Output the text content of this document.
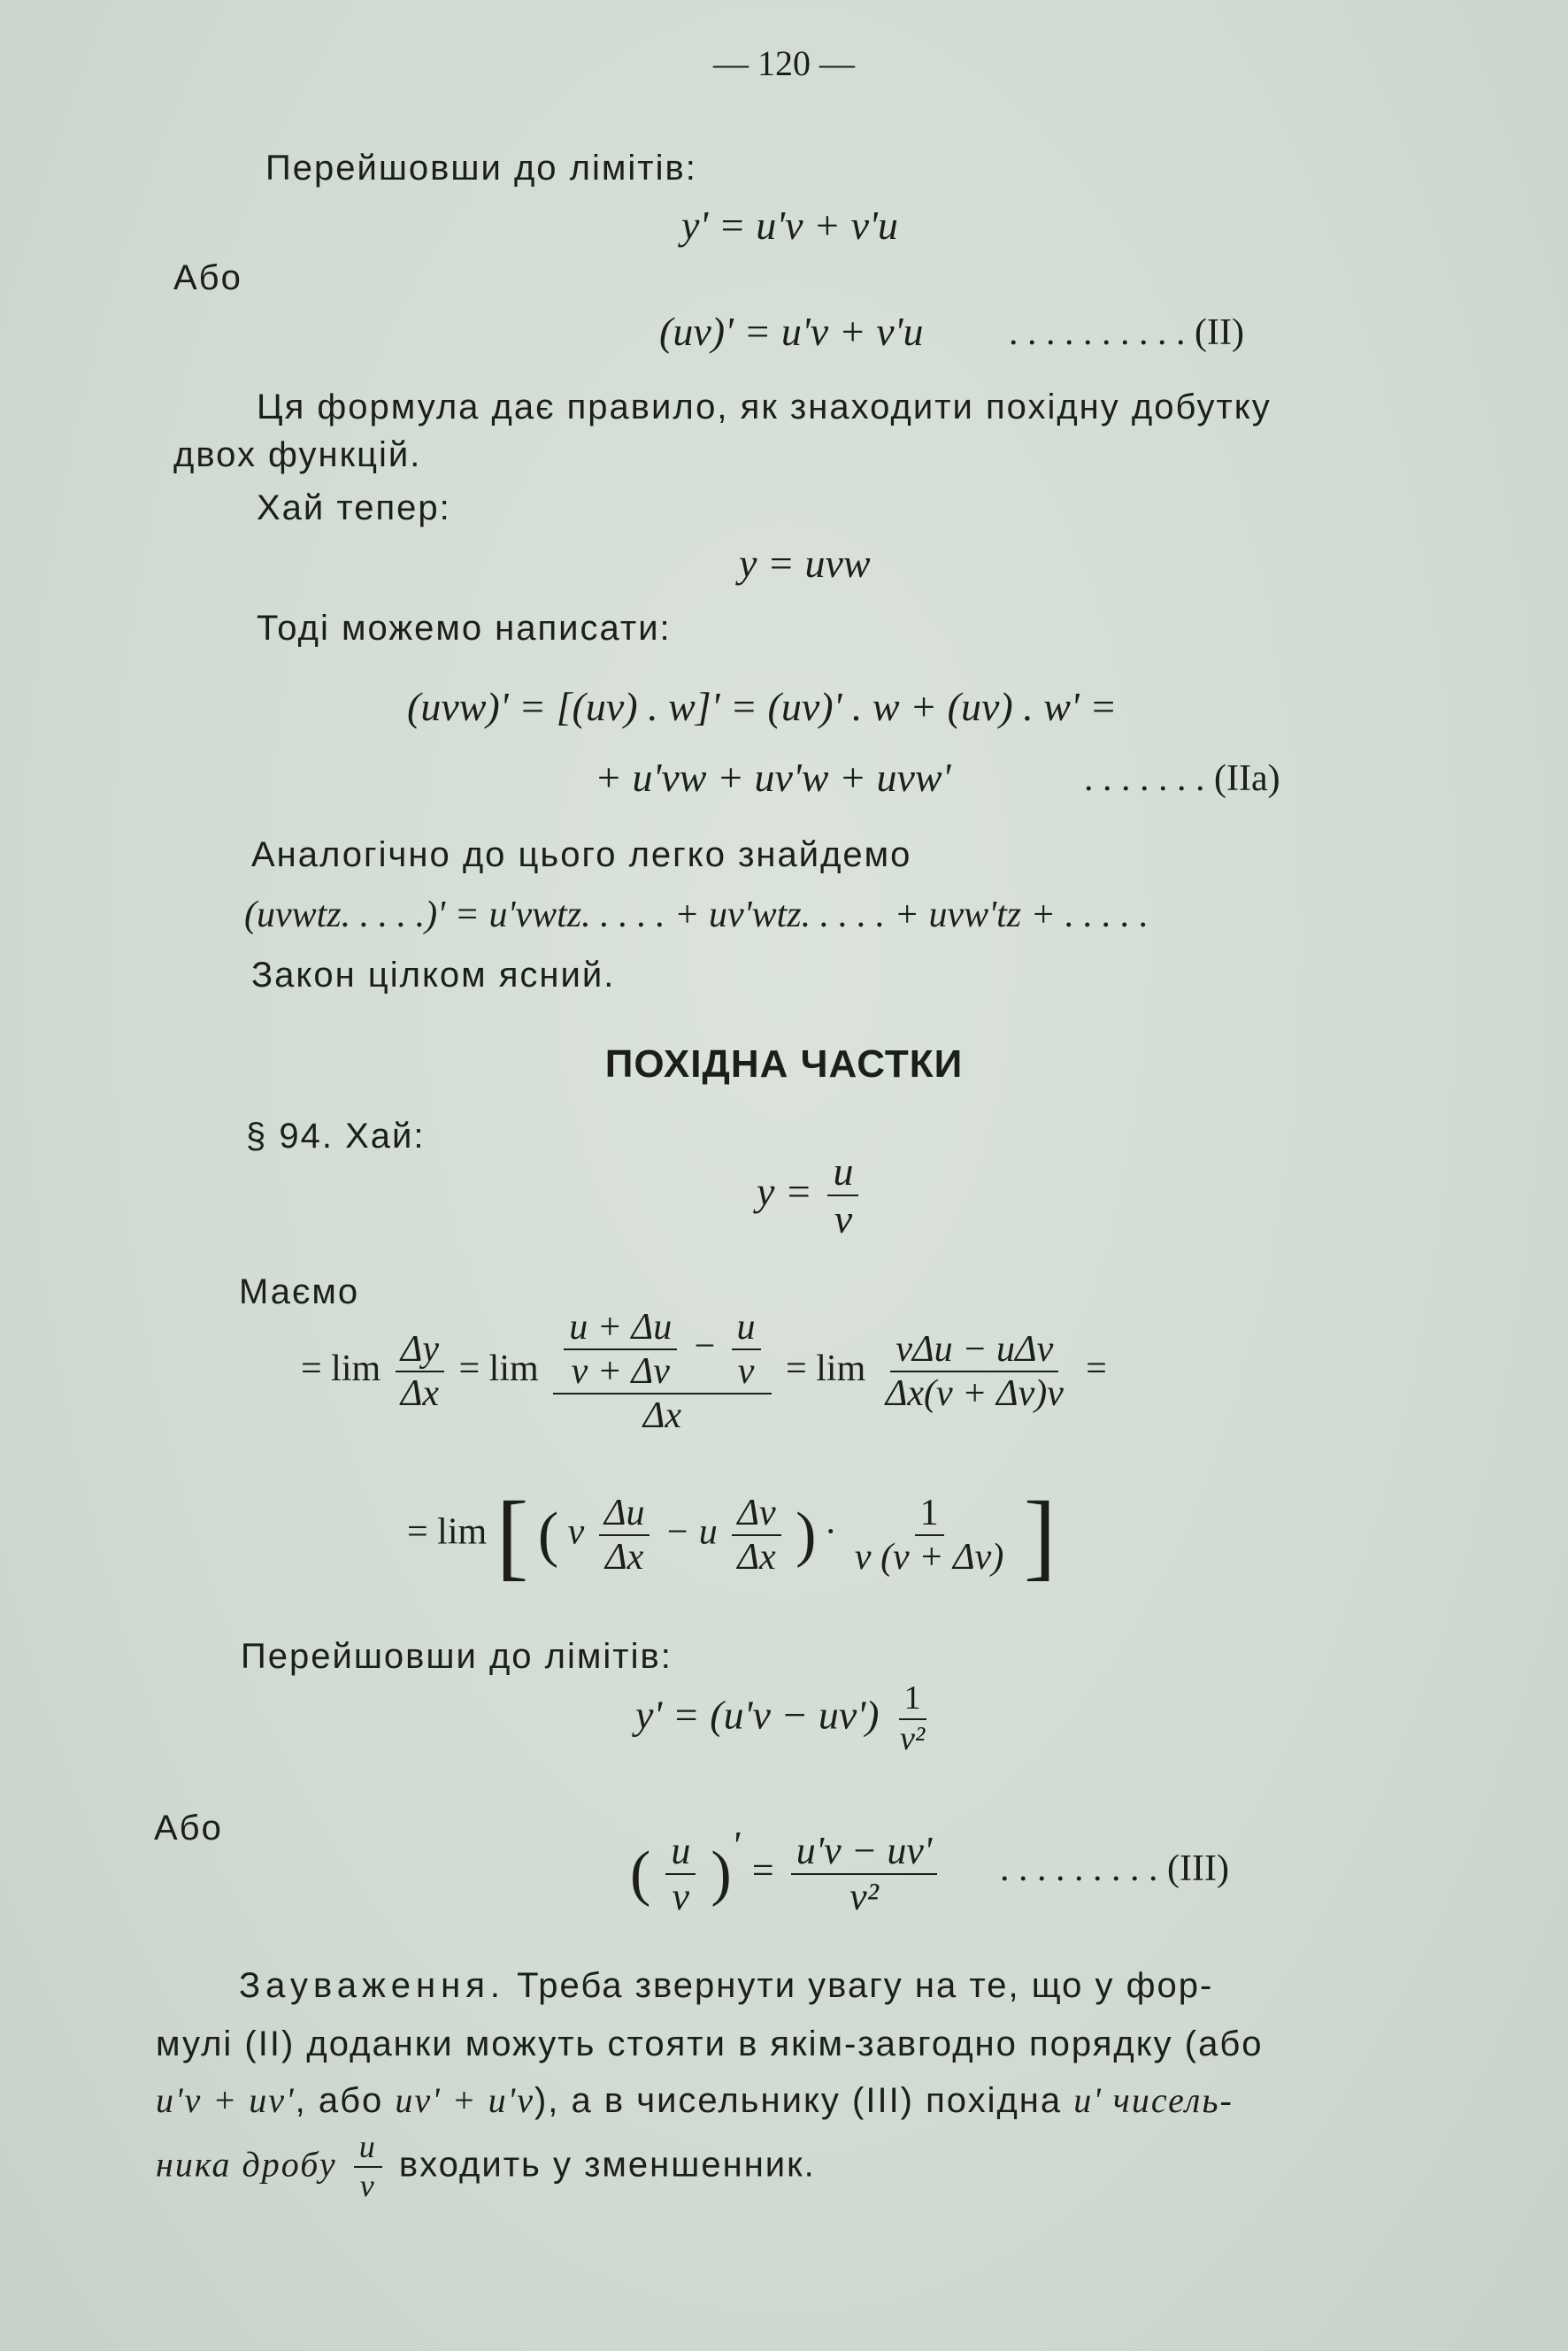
— 120 —
Перейшовши до лімітів:
y' = u'v + v'u
Або
(uv)' = u'v + v'u . . . . . . . . . . (II)
Ця формула дає правило, як знаходити похідну добутку
двох функцій.
Хай тепер:
y = uvw
Тоді можемо написати:
(uvw)' = [(uv) . w]' = (uv)' . w + (uv) . w' =
+ u'vw + uv'w + uvw'	. . . . . . . (IIa)
Аналогічно до цього легко знайдемо
(uvwtz. . . . .)' = u'vwtz. . . . . + uv'wtz. . . . . + uvw'tz + . . . . .
Закон цілком ясний.
ПОХІДНА ЧАСТКИ
§ 94. Хай:
$y = \frac{u}{v}$
Маємо
= $\lim \frac{\Delta y}{\Delta x} = \lim \frac{u + \Delta u}{v + \Delta v} - \frac{u}{v}$
Δx
= $\lim \frac{\text{vΔu − uΔv}}{\Delta x(v + \Delta v)v}$ =
= lim [ ( v $\frac{\Delta u}{\Delta x} - u \frac{\Delta v}{\Delta x}$ ) · $\frac{1}{v (v + \Delta v)}$ ]
Перейшовши до лімітів:
$y' = (u'v - uv') \frac{1}{\text{v²}}$
Або
( $\frac{u}{v}$ )' = $\frac{u'v - uv'}{\text{v²}}$ . . . . . . . . . (III)
Зауваження. Треба звернути увагу на те, що у фор-
мулі (II) доданки можуть стояти в якім-завгодно порядку (або
u'v + uv', або uv' + u'v), а в чисельнику (III) похідна u' чисель-
ника дробу $\frac{u}{v}$ входить у зменшенник.
